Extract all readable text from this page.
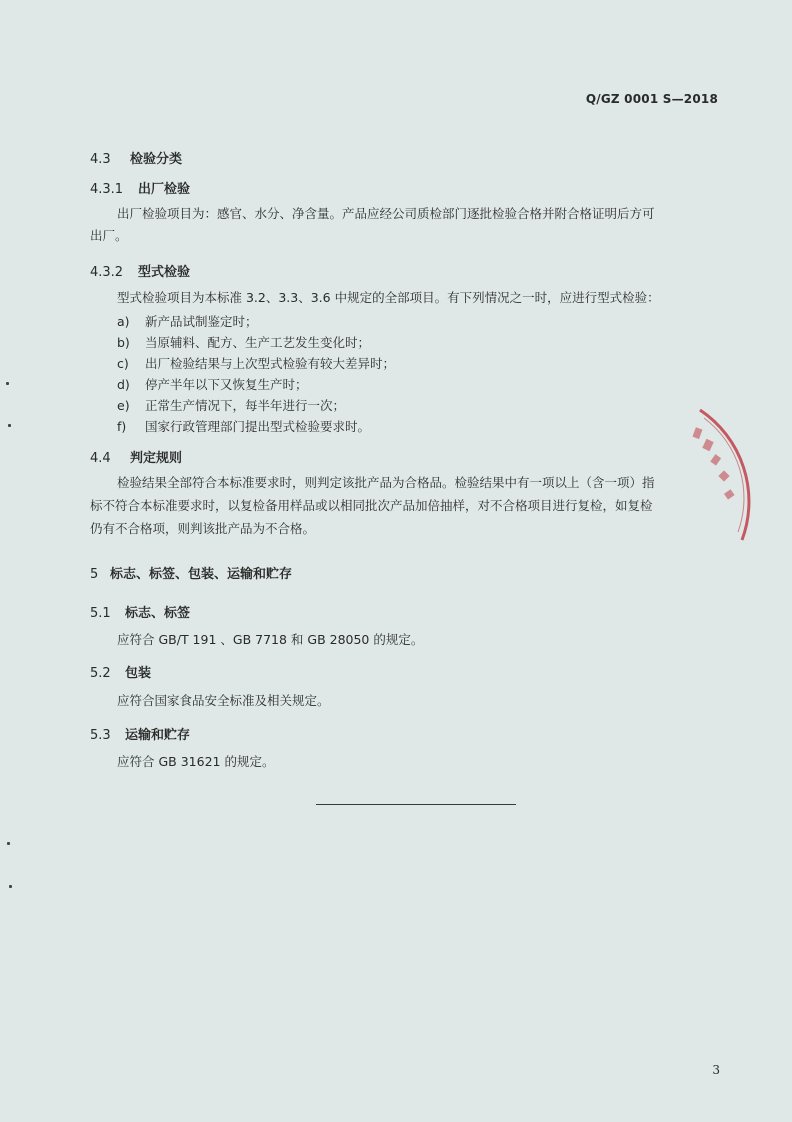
Q/GZ 0001 S—2018
4.3 检验分类
4.3.1 出厂检验
出厂检验项目为：感官、水分、净含量。产品应经公司质检部门逐批检验合格并附合格证明后方可
出厂。
4.3.2 型式检验
型式检验项目为本标准 3.2、3.3、3.6 中规定的全部项目。有下列情况之一时，应进行型式检验：
a)	新产品试制鉴定时；
b)	当原辅料、配方、生产工艺发生变化时；
c)	出厂检验结果与上次型式检验有较大差异时；
d)	停产半年以下又恢复生产时；
e)	正常生产情况下，每半年进行一次；
f)	国家行政管理部门提出型式检验要求时。
4.4 判定规则
检验结果全部符合本标准要求时，则判定该批产品为合格品。检验结果中有一项以上（含一项）指
标不符合本标准要求时，以复检备用样品或以相同批次产品加倍抽样，对不合格项目进行复检，如复检
仍有不合格项，则判该批产品为不合格。
5 标志、标签、包装、运输和贮存
5.1 标志、标签
应符合 GB/T 191 、GB 7718 和 GB 28050 的规定。
5.2 包装
应符合国家食品安全标准及相关规定。
5.3 运输和贮存
应符合 GB 31621 的规定。
3
